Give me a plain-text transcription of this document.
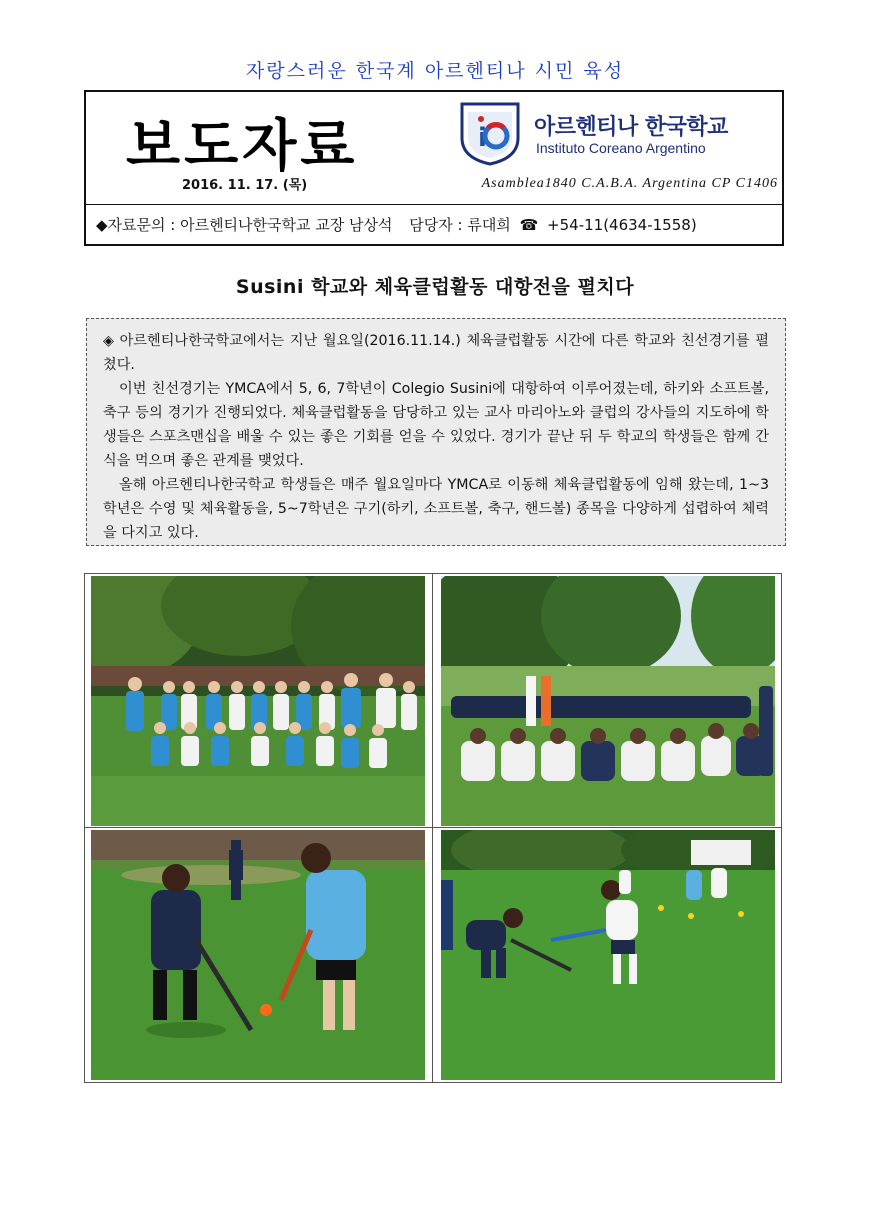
자랑스러운 한국계 아르헨티나 시민 육성
보도자료
2016. 11. 17. (목)
i 아르헨티나 한국학교
Instituto Coreano Argentino
Asamblea1840 C.A.B.A. Argentina CP C1406
◆자료문의 : 아르헨티나한국학교 교장 남상석 담당자 : 류대희 ☎ +54-11(4634-1558)
Susini 학교와 체육클럽활동 대항전을 펼치다

◈ 아르헨티나한국학교에서는 지난 월요일(2016.11.14.) 체육클럽활동 시간에 다른 학교와 친선경기를 펼쳤다.

이번 친선경기는 YMCA에서 5, 6, 7학년이 Colegio Susini에 대항하여 이루어졌는데, 하키와 소프트볼, 축구 등의 경기가 진행되었다. 체육클럽활동을 담당하고 있는 교사 마리아노와 클럽의 강사들의 지도하에 학생들은 스포츠맨십을 배울 수 있는 좋은 기회를 얻을 수 있었다. 경기가 끝난 뒤 두 학교의 학생들은 함께 간식을 먹으며 좋은 관계를 맺었다.

올해 아르헨티나한국학교 학생들은 매주 월요일마다 YMCA로 이동해 체육클럽활동에 임해 왔는데, 1~3학년은 수영 및 체육활동을, 5~7학년은 구기(하키, 소프트볼, 축구, 핸드볼) 종목을 다양하게 섭렵하여 체력을 다지고 있다.
